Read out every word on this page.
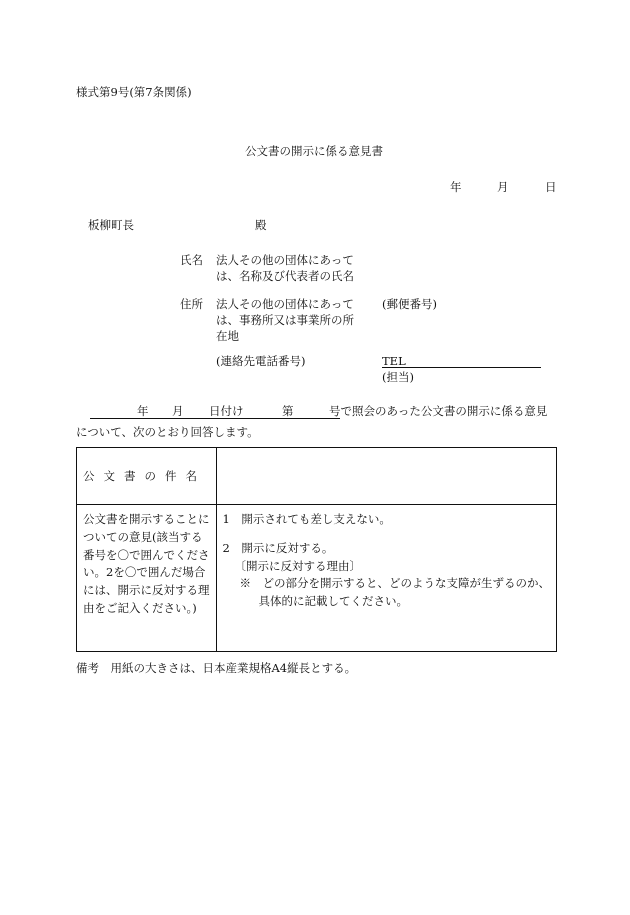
様式第9号(第7条関係)
公文書の開示に係る意見書
年	月	日
板柳町長	殿
氏名 法人その他の団体にあって
は、名称及び代表者の氏名
住所 法人その他の団体にあって
は、事務所又は事業所の所
在地
(郵便番号)
(連絡先電話番号)	TEL
(担当)
年 月 日付け	第	号で照会のあった公文書の開示に係る意見
について、次のとおり回答します。
公文書の件名	

公文書を開示することについての意見(該当する番号を〇で囲んでください。2を〇で囲んだ場合には、開示に反対する理由をご記入ください。)	1　開示されても差し支えない。
2　開示に反対する。
〔開示に反対する理由〕
※　どの部分を開示すると、どのような支障が生ずるのか、
具体的に記載してください。
備考　用紙の大きさは、日本産業規格A4縦長とする。
